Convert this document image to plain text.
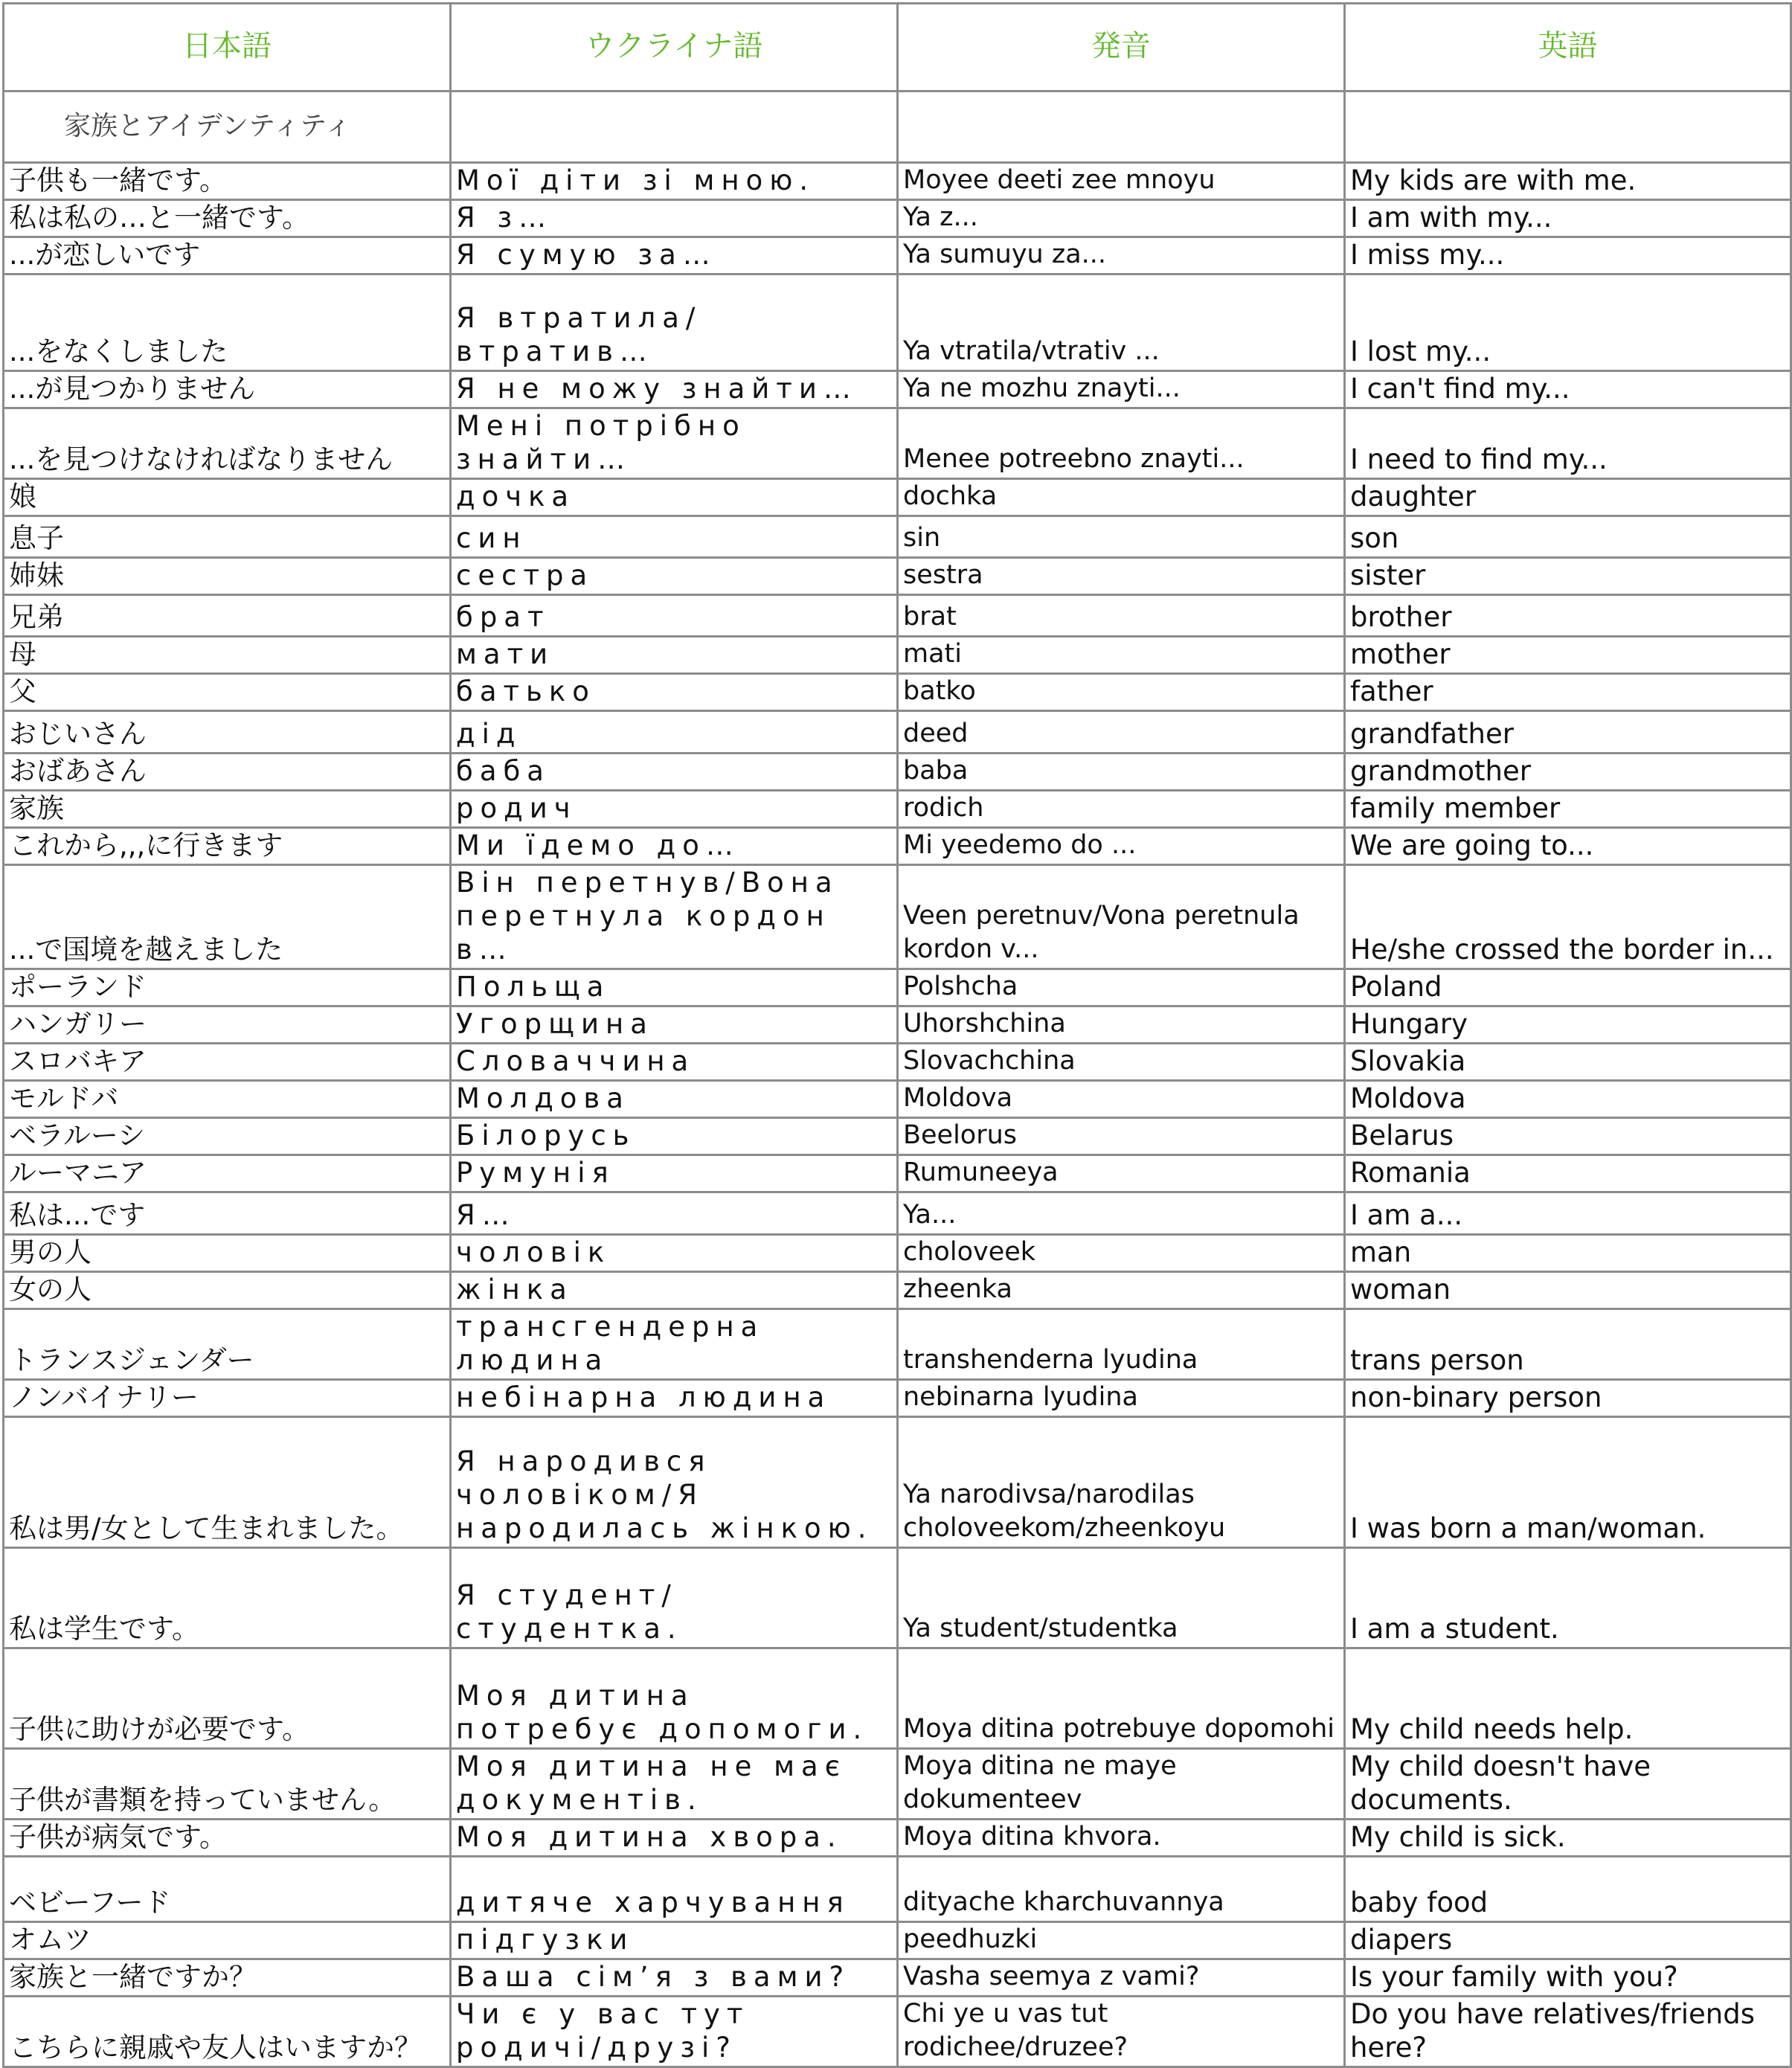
日本語	ウクライナ語	発音	英語
家族とアイデンティティ			
子供も一緒です。	Мої діти зі мною.	Moyee deeti zee mnoyu	My kids are with me.
私は私の…と一緒です。	Я з…	Ya z...	I am with my...
...が恋しいです	Я сумую за…	Ya sumuyu za...	I miss my...
...をなくしました	Я втратила/втратив…	Ya vtratila/vtrativ ...	I lost my...
...が見つかりません	Я не можу знайти…	Ya ne mozhu znayti...	I can't find my...
...を見つけなければなりません	Мені потрібно знайти…	Menee potreebno znayti...	I need to find my...
娘	дочка	dochka	daughter
息子	син	sin	son
姉妹	сестра	sestra	sister
兄弟	брат	brat	brother
母	мати	mati	mother
父	батько	batko	father
おじいさん	дід	deed	grandfather
おばあさん	баба	baba	grandmother
家族	родич	rodich	family member
これから,,,に行きます	Ми їдемо до…	Mi yeedemo do ...	We are going to...
...で国境を越えました	Він перетнув/Вона перетнула кордон в…	Veen peretnuv/Vona peretnula kordon v...	He/she crossed the border in...
ポーランド	Польща	Polshcha	Poland
ハンガリー	Угорщина	Uhorshchina	Hungary
スロバキア	Словаччина	Slovachchina	Slovakia
モルドバ	Молдова	Moldova	Moldova
ベラルーシ	Білорусь	Beelorus	Belarus
ルーマニア	Румунія	Rumuneeya	Romania
私は...です	Я…	Ya...	I am a...
男の人	чоловік	choloveek	man
女の人	жінка	zheenka	woman
トランスジェンダー	трансгендерна людина	transhenderna lyudina	trans person
ノンバイナリー	небінарна людина	nebinarna lyudina	non-binary person
私は男/女として生まれました。	Я народився чоловіком/Я народилась жінкою.	Ya narodivsa/narodilas choloveekom/zheenkoyu	I was born a man/woman.
私は学生です。	Я студент/студентка.	Ya student/studentka	I am a student.
子供に助けが必要です。	Моя дитина потребує допомоги.	Moya ditina potrebuye dopomohi	My child needs help.
子供が書類を持っていません。	Моя дитина не має документів.	Moya ditina ne maye dokumenteev	My child doesn't have documents.
子供が病気です。	Моя дитина хвора.	Moya ditina khvora.	My child is sick.
ベビーフード	дитяче харчування	dityache kharchuvannya	baby food
オムツ	підгузки	peedhuzki	diapers
家族と一緒ですか？	Ваша сім’я з вами?	Vasha seemya z vami?	Is your family with you?
こちらに親戚や友人はいますか？	Чи є у вас тут родичі/друзі?	Chi ye u vas tut rodichee/druzee?	Do you have relatives/friends here?
